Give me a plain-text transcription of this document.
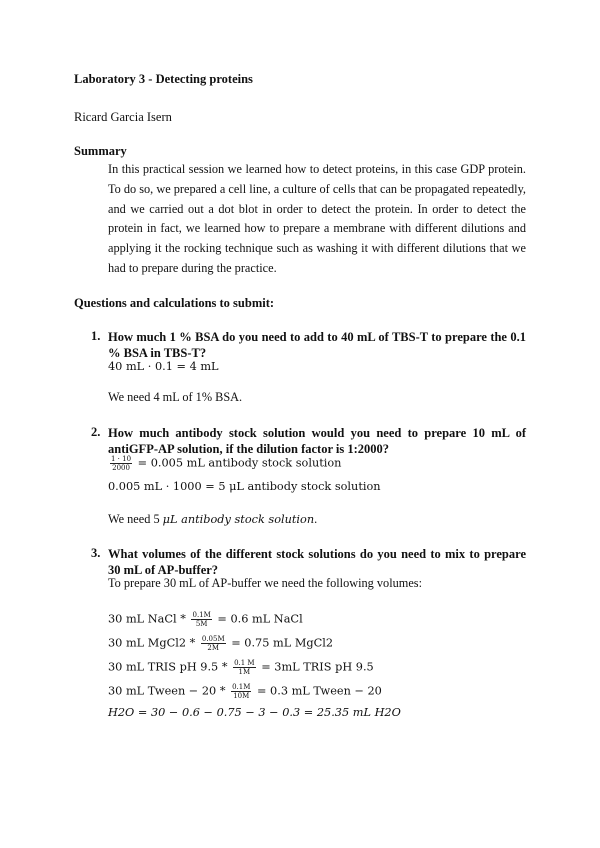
Laboratory 3 - Detecting proteins
Ricard Garcia Isern
Summary
In this practical session we learned how to detect proteins, in this case GDP protein. To do so, we prepared a cell line, a culture of cells that can be propagated repeatedly, and we carried out a dot blot in order to detect the protein. In order to detect the protein in fact, we learned how to prepare a membrane with different dilutions and applying it the rocking technique such as washing it with different dilutions that we had to prepare during the practice.
Questions and calculations to submit:
1. How much 1 % BSA do you need to add to 40 mL of TBS-T to prepare the 0.1 % BSA in TBS-T?
40 mL · 0.1 = 4 mL
We need 4 mL of 1% BSA.
2. How much antibody stock solution would you need to prepare 10 mL of antiGFP-AP solution, if the dilution factor is 1:2000?
$\frac{1 \cdot 10}{2000} = 0.005$ mL antibody stock solution
0.005 mL · 1000 = 5 μL antibody stock solution
We need 5 μL antibody stock solution.
3. What volumes of the different stock solutions do you need to mix to prepare 30 mL of AP-buffer?
To prepare 30 mL of AP-buffer we need the following volumes:
30 mL NaCl * $\frac{0.1M}{5M} = 0.6$ mL NaCl
30 mL MgCl2 * $\frac{0.05M}{2M} = 0.75$ mL MgCl2
30 mL TRIS pH $9.5 * \frac{0.1 M}{1M} = 3mL$ TRIS pH 9.5
30 mL Tween − $20 * \frac{0.1M}{10M} = 0.3$ mL Tween − 20
H2O = 30 − 0.6 − 0.75 − 3 − 0.3 = 25.35 mL H2O
